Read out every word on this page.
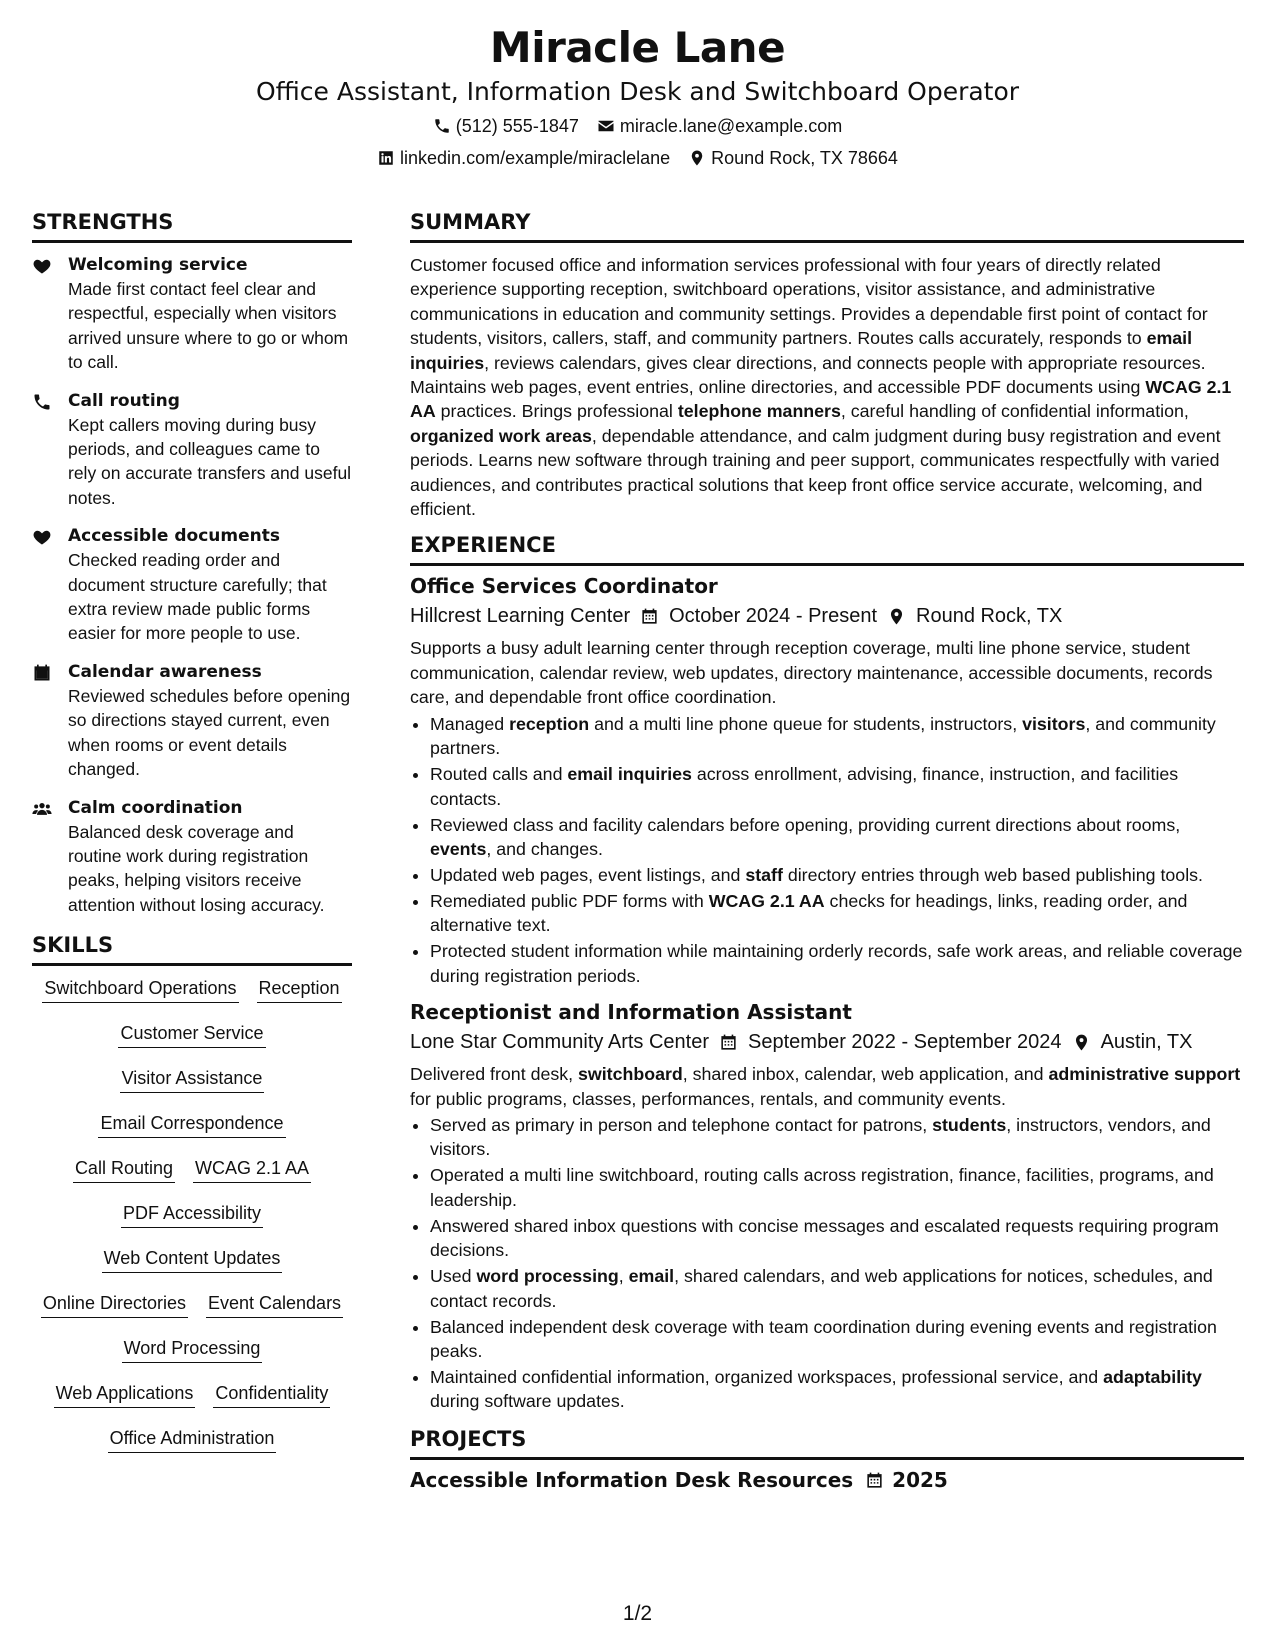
Miracle Lane
Office Assistant, Information Desk and Switchboard Operator
(512) 555-1847 miracle.lane@example.com
linkedin.com/example/miraclelane Round Rock, TX 78664
STRENGTHS
Welcoming service
Made first contact feel clear and respectful, especially when visitors arrived unsure where to go or whom to call.
Call routing
Kept callers moving during busy periods, and colleagues came to rely on accurate transfers and useful notes.
Accessible documents
Checked reading order and document structure carefully; that extra review made public forms easier for more people to use.
Calendar awareness
Reviewed schedules before opening so directions stayed current, even when rooms or event details changed.
Calm coordination
Balanced desk coverage and routine work during registration peaks, helping visitors receive attention without losing accuracy.
SKILLS
Switchboard Operations Reception
Customer Service
Visitor Assistance
Email Correspondence
Call Routing WCAG 2.1 AA
PDF Accessibility
Web Content Updates
Online Directories Event Calendars
Word Processing
Web Applications Confidentiality
Office Administration
SUMMARY

Customer focused office and information services professional with four years of directly related experience supporting reception, switchboard operations, visitor assistance, and administrative communications in education and community settings. Provides a dependable first point of contact for students, visitors, callers, staff, and community partners. Routes calls accurately, responds to email inquiries, reviews calendars, gives clear directions, and connects people with appropriate resources. Maintains web pages, event entries, online directories, and accessible PDF documents using WCAG 2.1 AA practices. Brings professional telephone manners, careful handling of confidential information, organized work areas, dependable attendance, and calm judgment during busy registration and event periods. Learns new software through training and peer support, communicates respectfully with varied audiences, and contributes practical solutions that keep front office service accurate, welcoming, and efficient.

EXPERIENCE
Office Services Coordinator
Hillcrest Learning Center October 2024 - Present Round Rock, TX

Supports a busy adult learning center through reception coverage, multi line phone service, student communication, calendar review, web updates, directory maintenance, accessible documents, records care, and dependable front office coordination.

• Managed reception and a multi line phone queue for students, instructors, visitors, and community partners.
• Routed calls and email inquiries across enrollment, advising, finance, instruction, and facilities contacts.
• Reviewed class and facility calendars before opening, providing current directions about rooms, events, and changes.
• Updated web pages, event listings, and staff directory entries through web based publishing tools.
• Remediated public PDF forms with WCAG 2.1 AA checks for headings, links, reading order, and alternative text.
• Protected student information while maintaining orderly records, safe work areas, and reliable coverage during registration periods.
Receptionist and Information Assistant
Lone Star Community Arts Center September 2022 - September 2024 Austin, TX

Delivered front desk, switchboard, shared inbox, calendar, web application, and administrative support for public programs, classes, performances, rentals, and community events.

• Served as primary in person and telephone contact for patrons, students, instructors, vendors, and visitors.
• Operated a multi line switchboard, routing calls across registration, finance, facilities, programs, and leadership.
• Answered shared inbox questions with concise messages and escalated requests requiring program decisions.
• Used word processing, email, shared calendars, and web applications for notices, schedules, and contact records.
• Balanced independent desk coverage with team coordination during evening events and registration peaks.
• Maintained confidential information, organized workspaces, professional service, and adaptability during software updates.
PROJECTS
Accessible Information Desk Resources 2025
1/2
